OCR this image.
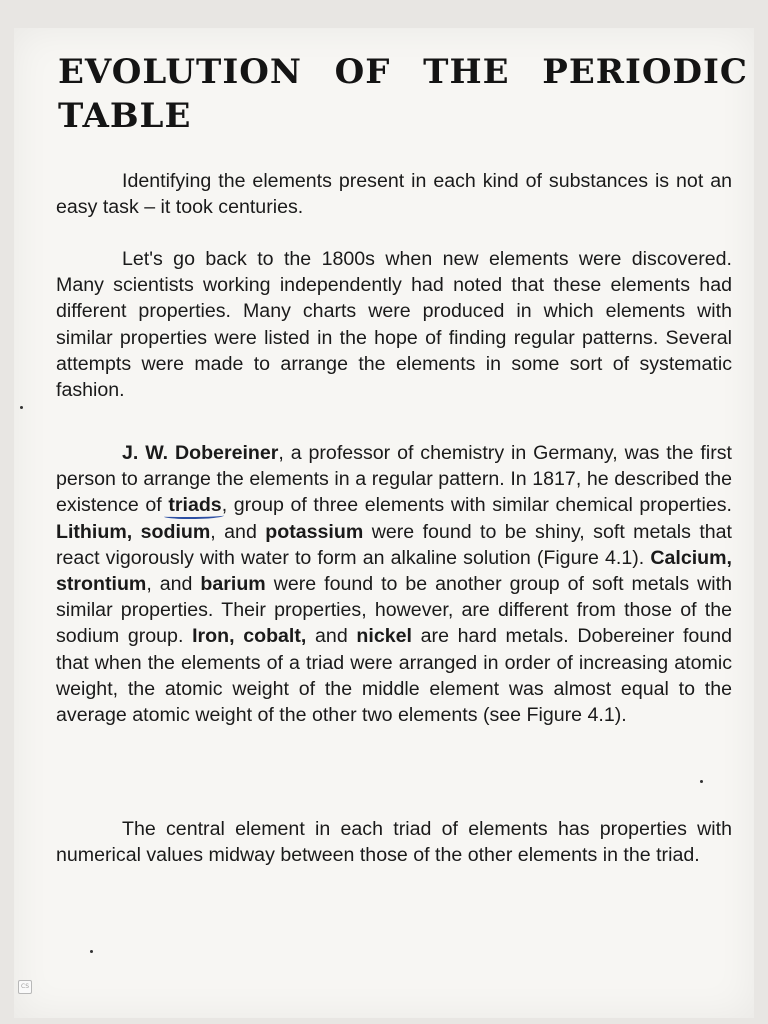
EVOLUTION OF THE PERIODIC TABLE
Identifying the elements present in each kind of substances is not an easy task – it took centuries.
Let's go back to the 1800s when new elements were discovered. Many scientists working independently had noted that these elements had different properties. Many charts were produced in which elements with similar properties were listed in the hope of finding regular patterns. Several attempts were made to arrange the elements in some sort of systematic fashion.
J. W. Dobereiner, a professor of chemistry in Germany, was the first person to arrange the elements in a regular pattern. In 1817, he described the existence of triads, group of three elements with similar chemical properties. Lithium, sodium, and potassium were found to be shiny, soft metals that react vigorously with water to form an alkaline solution (Figure 4.1). Calcium, strontium, and barium were found to be another group of soft metals with similar properties. Their properties, however, are different from those of the sodium group. Iron, cobalt, and nickel are hard metals. Dobereiner found that when the elements of a triad were arranged in order of increasing atomic weight, the atomic weight of the middle element was almost equal to the average atomic weight of the other two elements (see Figure 4.1).
The central element in each triad of elements has properties with numerical values midway between those of the other elements in the triad.
CS
